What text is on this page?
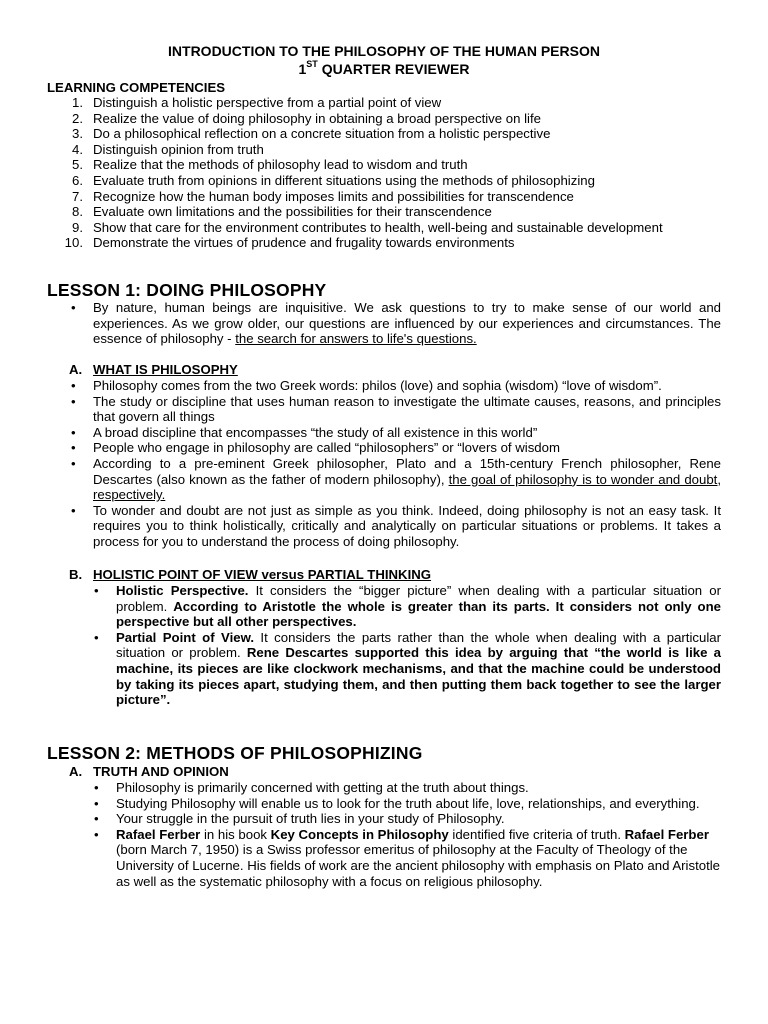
INTRODUCTION TO THE PHILOSOPHY OF THE HUMAN PERSON
1ST QUARTER REVIEWER
LEARNING COMPETENCIES
1. Distinguish a holistic perspective from a partial point of view
2. Realize the value of doing philosophy in obtaining a broad perspective on life
3. Do a philosophical reflection on a concrete situation from a holistic perspective
4. Distinguish opinion from truth
5. Realize that the methods of philosophy lead to wisdom and truth
6. Evaluate truth from opinions in different situations using the methods of philosophizing
7. Recognize how the human body imposes limits and possibilities for transcendence
8. Evaluate own limitations and the possibilities for their transcendence
9. Show that care for the environment contributes to health, well-being and sustainable development
10. Demonstrate the virtues of prudence and frugality towards environments
LESSON 1: DOING PHILOSOPHY
• By nature, human beings are inquisitive. We ask questions to try to make sense of our world and experiences. As we grow older, our questions are influenced by our experiences and circumstances. The essence of philosophy - the search for answers to life's questions.
A. WHAT IS PHILOSOPHY
• Philosophy comes from the two Greek words: philos (love) and sophia (wisdom) “love of wisdom”.
• The study or discipline that uses human reason to investigate the ultimate causes, reasons, and principles that govern all things
• A broad discipline that encompasses “the study of all existence in this world”
• People who engage in philosophy are called “philosophers” or “lovers of wisdom
• According to a pre-eminent Greek philosopher, Plato and a 15th-century French philosopher, Rene Descartes (also known as the father of modern philosophy), the goal of philosophy is to wonder and doubt, respectively.
• To wonder and doubt are not just as simple as you think. Indeed, doing philosophy is not an easy task. It requires you to think holistically, critically and analytically on particular situations or problems. It takes a process for you to understand the process of doing philosophy.
B. HOLISTIC POINT OF VIEW versus PARTIAL THINKING
• Holistic Perspective. It considers the “bigger picture” when dealing with a particular situation or problem. According to Aristotle the whole is greater than its parts. It considers not only one perspective but all other perspectives.
• Partial Point of View. It considers the parts rather than the whole when dealing with a particular situation or problem. Rene Descartes supported this idea by arguing that “the world is like a machine, its pieces are like clockwork mechanisms, and that the machine could be understood by taking its pieces apart, studying them, and then putting them back together to see the larger picture”.
LESSON 2: METHODS OF PHILOSOPHIZING
A. TRUTH AND OPINION
• Philosophy is primarily concerned with getting at the truth about things.
• Studying Philosophy will enable us to look for the truth about life, love, relationships, and everything.
• Your struggle in the pursuit of truth lies in your study of Philosophy.
• Rafael Ferber in his book Key Concepts in Philosophy identified five criteria of truth. Rafael Ferber (born March 7, 1950) is a Swiss professor emeritus of philosophy at the Faculty of Theology of the University of Lucerne. His fields of work are the ancient philosophy with emphasis on Plato and Aristotle as well as the systematic philosophy with a focus on religious philosophy.
